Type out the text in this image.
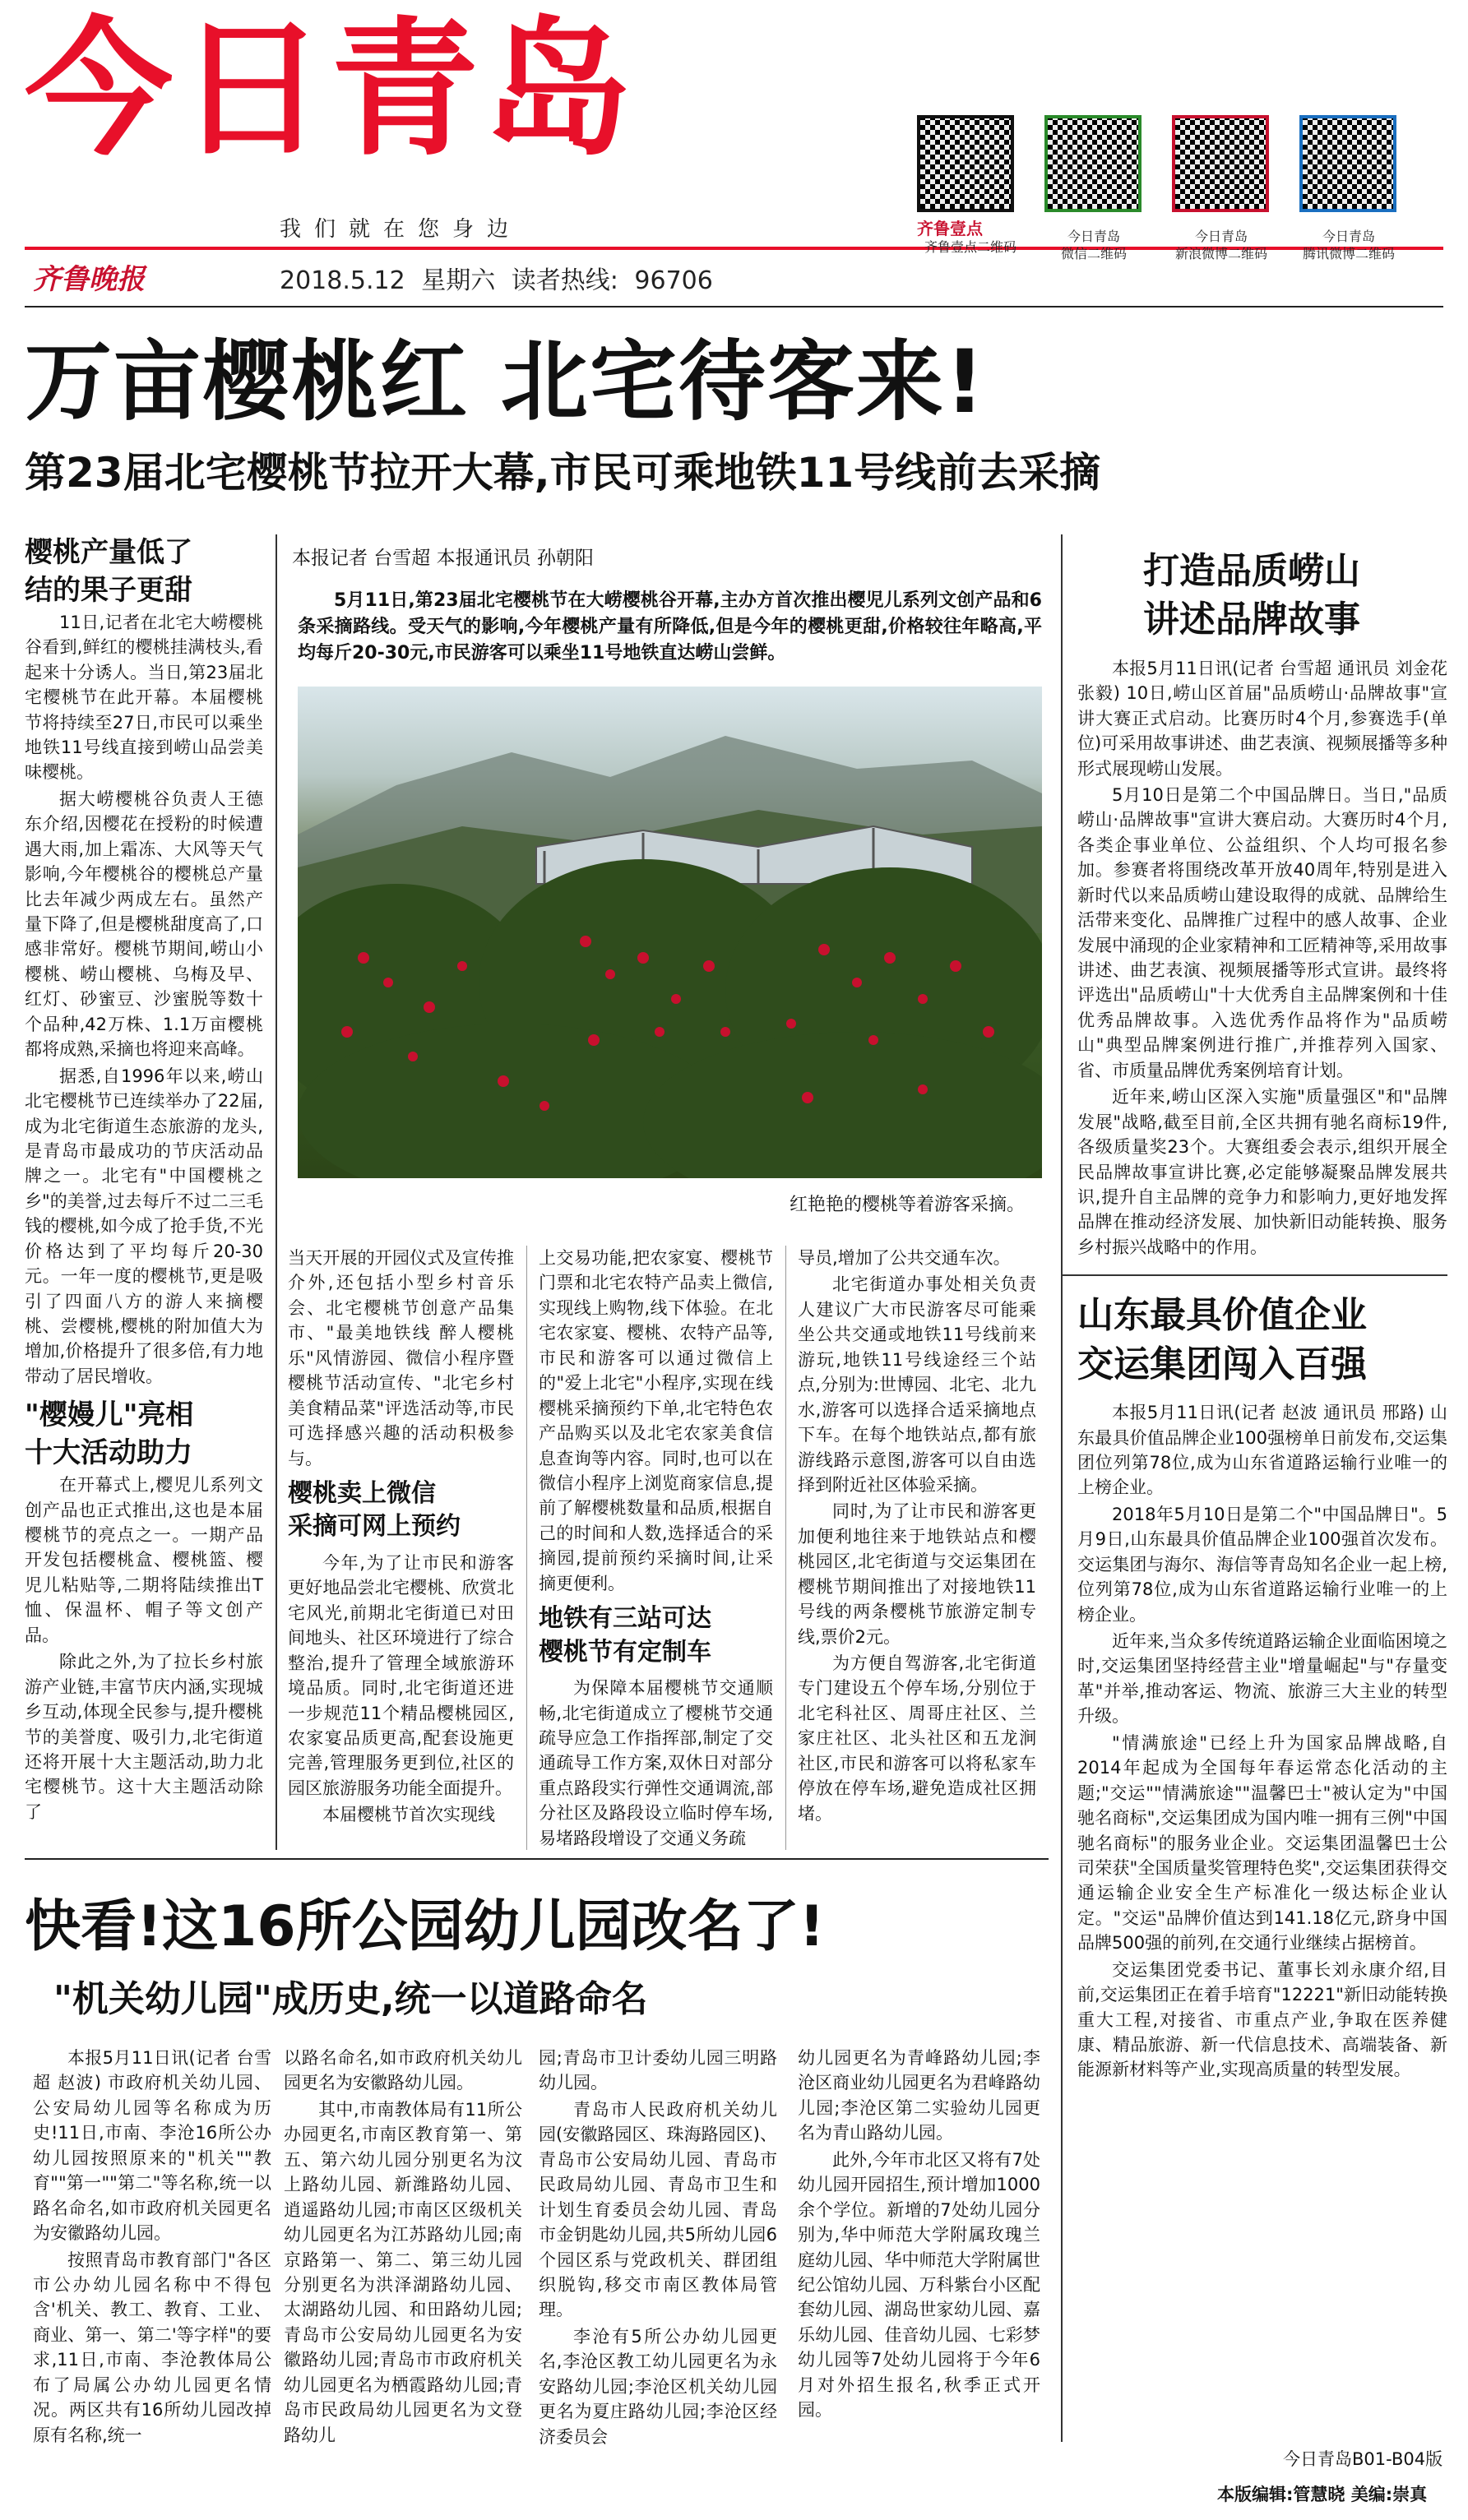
今日青岛
我们就在您身边
齐鲁晚报	2018.5.12 星期六 读者热线: 96706
齐鲁壹点
齐鲁壹点二维码
今日青岛
微信二维码
今日青岛
新浪微博二维码
今日青岛
腾讯微博二维码
万亩樱桃红 北宅待客来!
第23届北宅樱桃节拉开大幕,市民可乘地铁11号线前去采摘
樱桃产量低了
结的果子更甜

11日,记者在北宅大崂樱桃谷看到,鲜红的樱桃挂满枝头,看起来十分诱人。当日,第23届北宅樱桃节在此开幕。本届樱桃节将持续至27日,市民可以乘坐地铁11号线直接到崂山品尝美味樱桃。

据大崂樱桃谷负责人王德东介绍,因樱花在授粉的时候遭遇大雨,加上霜冻、大风等天气影响,今年樱桃谷的樱桃总产量比去年减少两成左右。虽然产量下降了,但是樱桃甜度高了,口感非常好。樱桃节期间,崂山小樱桃、崂山樱桃、乌梅及早、红灯、砂蜜豆、沙蜜脱等数十个品种,42万株、1.1万亩樱桃都将成熟,采摘也将迎来高峰。

据悉,自1996年以来,崂山北宅樱桃节已连续举办了22届,成为北宅街道生态旅游的龙头,是青岛市最成功的节庆活动品牌之一。北宅有"中国樱桃之乡"的美誉,过去每斤不过二三毛钱的樱桃,如今成了抢手货,不光价格达到了平均每斤20-30元。一年一度的樱桃节,更是吸引了四面八方的游人来摘樱桃、尝樱桃,樱桃的附加值大为增加,价格提升了很多倍,有力地带动了居民增收。

"樱嫚儿"亮相
十大活动助力

在开幕式上,樱児儿系列文创产品也正式推出,这也是本届樱桃节的亮点之一。一期产品开发包括樱桃盒、樱桃篮、樱児儿粘贴等,二期将陆续推出T恤、保温杯、帽子等文创产品。

除此之外,为了拉长乡村旅游产业链,丰富节庆内涵,实现城乡互动,体现全民参与,提升樱桃节的美誉度、吸引力,北宅街道还将开展十大主题活动,助力北宅樱桃节。这十大主题活动除了

本报记者 台雪超 本报通讯员 孙朝阳

5月11日,第23届北宅樱桃节在大崂樱桃谷开幕,主办方首次推出樱児儿系列文创产品和6条采摘路线。受天气的影响,今年樱桃产量有所降低,但是今年的樱桃更甜,价格较往年略高,平均每斤20-30元,市民游客可以乘坐11号地铁直达崂山尝鲜。

红艳艳的樱桃等着游客采摘。

当天开展的开园仪式及宣传推介外,还包括小型乡村音乐会、北宅樱桃节创意产品集市、"最美地铁线 醉人樱桃乐"风情游园、微信小程序暨樱桃节活动宣传、"北宅乡村美食精品菜"评选活动等,市民可选择感兴趣的活动积极参与。

樱桃卖上微信
采摘可网上预约

今年,为了让市民和游客更好地品尝北宅樱桃、欣赏北宅风光,前期北宅街道已对田间地头、社区环境进行了综合整治,提升了管理全域旅游环境品质。同时,北宅街道还进一步规范11个精品樱桃园区,农家宴品质更高,配套设施更完善,管理服务更到位,社区的园区旅游服务功能全面提升。

本届樱桃节首次实现线

上交易功能,把农家宴、樱桃节门票和北宅农特产品卖上微信,实现线上购物,线下体验。在北宅农家宴、樱桃、农特产品等,市民和游客可以通过微信上的"爱上北宅"小程序,实现在线樱桃采摘预约下单,北宅特色农产品购买以及北宅农家美食信息查询等内容。同时,也可以在微信小程序上浏览商家信息,提前了解樱桃数量和品质,根据自己的时间和人数,选择适合的采摘园,提前预约采摘时间,让采摘更便利。

地铁有三站可达
樱桃节有定制车

为保障本届樱桃节交通顺畅,北宅街道成立了樱桃节交通疏导应急工作指挥部,制定了交通疏导工作方案,双休日对部分重点路段实行弹性交通调流,部分社区及路段设立临时停车场,易堵路段增设了交通义务疏

导员,增加了公共交通车次。

北宅街道办事处相关负责人建议广大市民游客尽可能乘坐公共交通或地铁11号线前来游玩,地铁11号线途经三个站点,分别为:世博园、北宅、北九水,游客可以选择合适采摘地点下车。在每个地铁站点,都有旅游线路示意图,游客可以自由选择到附近社区体验采摘。

同时,为了让市民和游客更加便利地往来于地铁站点和樱桃园区,北宅街道与交运集团在樱桃节期间推出了对接地铁11号线的两条樱桃节旅游定制专线,票价2元。

为方便自驾游客,北宅街道专门建设五个停车场,分别位于北宅科社区、周哥庄社区、兰家庄社区、北头社区和五龙涧社区,市民和游客可以将私家车停放在停车场,避免造成社区拥堵。

打造品质崂山
讲述品牌故事

本报5月11日讯(记者 台雪超 通讯员 刘金花 张毅) 10日,崂山区首届"品质崂山·品牌故事"宣讲大赛正式启动。比赛历时4个月,参赛选手(单位)可采用故事讲述、曲艺表演、视频展播等多种形式展现崂山发展。

5月10日是第二个中国品牌日。当日,"品质崂山·品牌故事"宣讲大赛启动。大赛历时4个月,各类企事业单位、公益组织、个人均可报名参加。参赛者将围绕改革开放40周年,特别是进入新时代以来品质崂山建设取得的成就、品牌给生活带来变化、品牌推广过程中的感人故事、企业发展中涌现的企业家精神和工匠精神等,采用故事讲述、曲艺表演、视频展播等形式宣讲。最终将评选出"品质崂山"十大优秀自主品牌案例和十佳优秀品牌故事。入选优秀作品将作为"品质崂山"典型品牌案例进行推广,并推荐列入国家、省、市质量品牌优秀案例培育计划。

近年来,崂山区深入实施"质量强区"和"品牌发展"战略,截至目前,全区共拥有驰名商标19件,各级质量奖23个。大赛组委会表示,组织开展全民品牌故事宣讲比赛,必定能够凝聚品牌发展共识,提升自主品牌的竞争力和影响力,更好地发挥品牌在推动经济发展、加快新旧动能转换、服务乡村振兴战略中的作用。

山东最具价值企业
交运集团闯入百强

本报5月11日讯(记者 赵波 通讯员 邢路) 山东最具价值品牌企业100强榜单日前发布,交运集团位列第78位,成为山东省道路运输行业唯一的上榜企业。

2018年5月10日是第二个"中国品牌日"。5月9日,山东最具价值品牌企业100强首次发布。交运集团与海尔、海信等青岛知名企业一起上榜,位列第78位,成为山东省道路运输行业唯一的上榜企业。

近年来,当众多传统道路运输企业面临困境之时,交运集团坚持经营主业"增量崛起"与"存量变革"并举,推动客运、物流、旅游三大主业的转型升级。

"情满旅途"已经上升为国家品牌战略,自2014年起成为全国每年春运常态化活动的主题;"交运""情满旅途""温馨巴士"被认定为"中国驰名商标",交运集团成为国内唯一拥有三例"中国驰名商标"的服务业企业。交运集团温馨巴士公司荣获"全国质量奖管理特色奖",交运集团获得交通运输企业安全生产标准化一级达标企业认定。"交运"品牌价值达到141.18亿元,跻身中国品牌500强的前列,在交通行业继续占据榜首。

交运集团党委书记、董事长刘永康介绍,目前,交运集团正在着手培育"12221"新旧动能转换重大工程,对接省、市重点产业,争取在医养健康、精品旅游、新一代信息技术、高端装备、新能源新材料等产业,实现高质量的转型发展。

今日青岛B01-B04版
本版编辑:管慧晓 美编:崇真
快看!这16所公园幼儿园改名了!
"机关幼儿园"成历史,统一以道路命名

本报5月11日讯(记者 台雪超 赵波) 市政府机关幼儿园、公安局幼儿园等名称成为历史!11日,市南、李沧16所公办幼儿园按照原来的"机关""教育""第一""第二"等名称,统一以路名命名,如市政府机关园更名为安徽路幼儿园。

按照青岛市教育部门"各区市公办幼儿园名称中不得包含'机关、教工、教育、工业、商业、第一、第二'等字样"的要求,11日,市南、李沧教体局公布了局属公办幼儿园更名情况。两区共有16所幼儿园改掉原有名称,统一

以路名命名,如市政府机关幼儿园更名为安徽路幼儿园。

其中,市南教体局有11所公办园更名,市南区教育第一、第五、第六幼儿园分别更名为汶上路幼儿园、新潍路幼儿园、逍遥路幼儿园;市南区区级机关幼儿园更名为江苏路幼儿园;南京路第一、第二、第三幼儿园分别更名为洪泽湖路幼儿园、太湖路幼儿园、和田路幼儿园;青岛市公安局幼儿园更名为安徽路幼儿园;青岛市市政府机关幼儿园更名为栖霞路幼儿园;青岛市民政局幼儿园更名为文登路幼儿

园;青岛市卫计委幼儿园三明路幼儿园。

青岛市人民政府机关幼儿园(安徽路园区、珠海路园区)、青岛市公安局幼儿园、青岛市民政局幼儿园、青岛市卫生和计划生育委员会幼儿园、青岛市金钥匙幼儿园,共5所幼儿园6个园区系与党政机关、群团组织脱钩,移交市南区教体局管理。

李沧有5所公办幼儿园更名,李沧区教工幼儿园更名为永安路幼儿园;李沧区机关幼儿园更名为夏庄路幼儿园;李沧区经济委员会

幼儿园更名为青峰路幼儿园;李沧区商业幼儿园更名为君峰路幼儿园;李沧区第二实验幼儿园更名为青山路幼儿园。

此外,今年市北区又将有7处幼儿园开园招生,预计增加1000余个学位。新增的7处幼儿园分别为,华中师范大学附属玫瑰兰庭幼儿园、华中师范大学附属世纪公馆幼儿园、万科紫台小区配套幼儿园、湖岛世家幼儿园、嘉乐幼儿园、佳音幼儿园、七彩梦幼儿园等7处幼儿园将于今年6月对外招生报名,秋季正式开园。
